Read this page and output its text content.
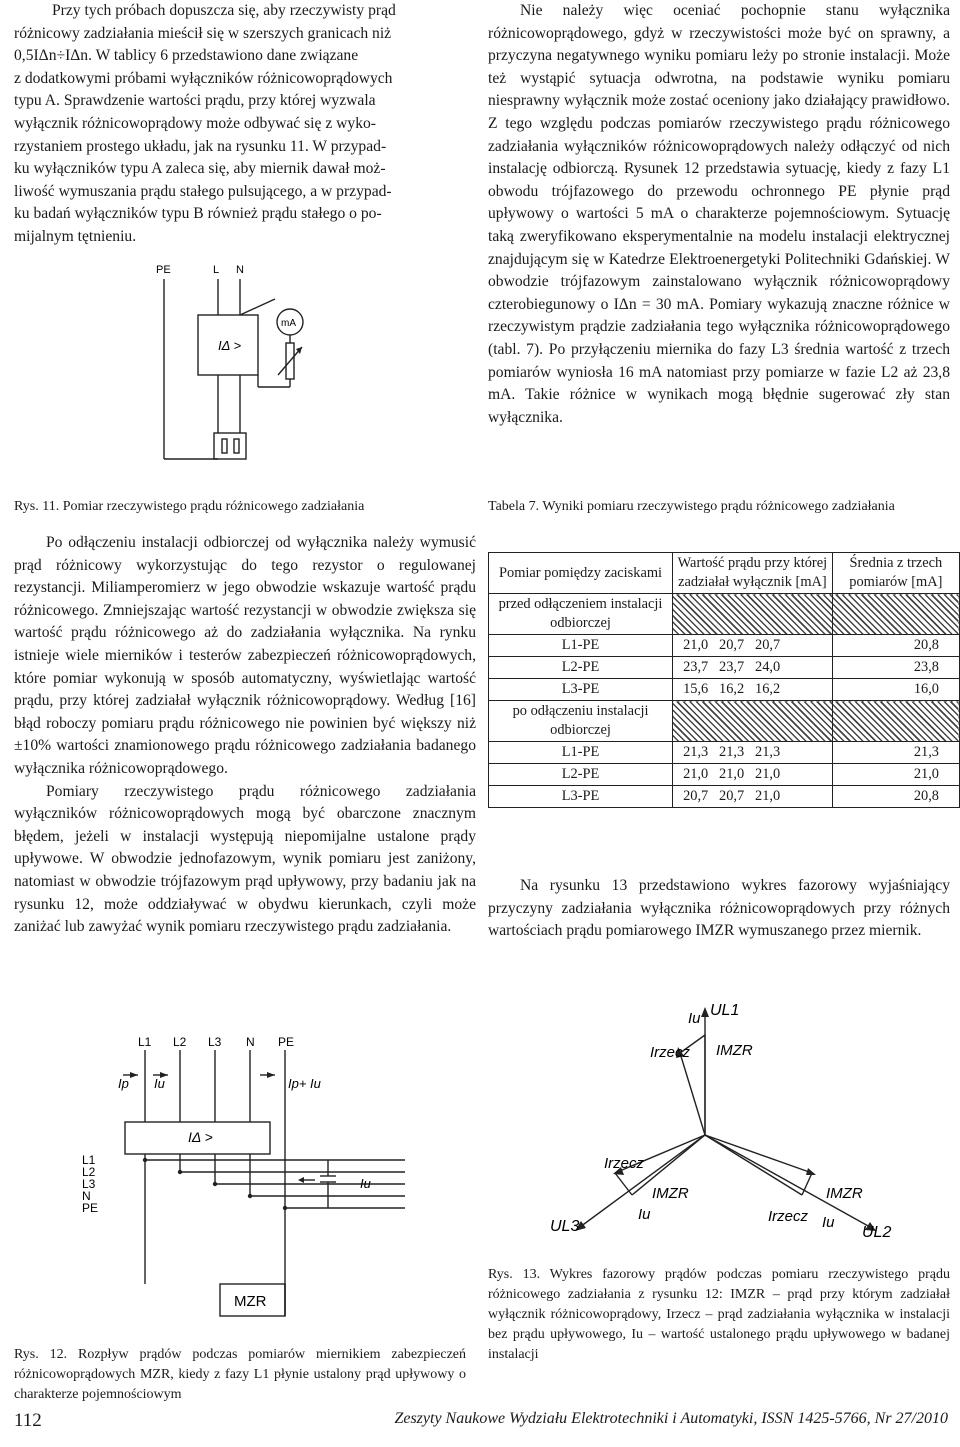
Przy tych próbach dopuszcza się, aby rzeczywisty prąd
różnicowy zadziałania mieścił się w szerszych granicach niż
0,5IΔn÷IΔn. W tablicy 6 przedstawiono dane związane
z dodatkowymi próbami wyłączników różnicowoprądowych
typu A. Sprawdzenie wartości prądu, przy której wyzwala
wyłącznik różnicowoprądowy może odbywać się z wyko-
rzystaniem prostego układu, jak na rysunku 11. W przypad-
ku wyłączników typu A zaleca się, aby miernik dawał moż-
liwość wymuszania prądu stałego pulsującego, a w przypad-
ku badań wyłączników typu B również prądu stałego o po-
mijalnym tętnieniu.
PE	L N
mA
IΔ >
Rys. 11. Pomiar rzeczywistego prądu różnicowego zadziałania

Po odłączeniu instalacji odbiorczej od wyłącznika należy wymusić prąd różnicowy wykorzystując do tego rezystor o regulowanej rezystancji. Miliamperomierz w jego obwodzie wskazuje wartość prądu różnicowego. Zmniejszając wartość rezystancji w obwodzie zwiększa się wartość prądu różnicowego aż do zadziałania wyłącznika. Na rynku istnieje wiele mierników i testerów zabezpieczeń różnicowoprądowych, które pomiar wykonują w sposób automatyczny, wyświetlając wartość prądu, przy której zadziałał wyłącznik różnicowoprądowy. Według [16] błąd roboczy pomiaru prądu różnicowego nie powinien być większy niż ±10% wartości znamionowego prądu różnicowego zadziałania badanego wyłącznika różnicowoprądowego.

Pomiary rzeczywistego prądu różnicowego zadziałania wyłączników różnicowoprądowych mogą być obarczone znacznym błędem, jeżeli w instalacji występują niepomijalne ustalone prądy upływowe. W obwodzie jednofazowym, wynik pomiaru jest zaniżony, natomiast w obwodzie trójfazowym prąd upływowy, przy badaniu jak na rysunku 12, może oddziaływać w obydwu kierunkach, czyli może zaniżać lub zawyżać wynik pomiaru rzeczywistego prądu zadziałania.

L1 L2 L3 N PE
Ip Iu	Ip+ Iu
IΔ >
L1
L2
L3
N
PE
Iu
MZR
Rys. 12. Rozpływ prądów podczas pomiarów miernikiem zabezpieczeń różnicowoprądowych MZR, kiedy z fazy L1 płynie ustalony prąd upływowy o charakterze pojemnościowym

Nie należy więc oceniać pochopnie stanu wyłącznika różnicowoprądowego, gdyż w rzeczywistości może być on sprawny, a przyczyna negatywnego wyniku pomiaru leży po stronie instalacji. Może też wystąpić sytuacja odwrotna, na podstawie wyniku pomiaru niesprawny wyłącznik może zostać oceniony jako działający prawidłowo. Z tego względu podczas pomiarów rzeczywistego prądu różnicowego zadziałania wyłączników różnicowoprądowych należy odłączyć od nich instalację odbiorczą. Rysunek 12 przedstawia sytuację, kiedy z fazy L1 obwodu trójfazowego do przewodu ochronnego PE płynie prąd upływowy o wartości 5 mA o charakterze pojemnościowym. Sytuację taką zweryfikowano eksperymentalnie na modelu instalacji elektrycznej znajdującym się w Katedrze Elektroenergetyki Politechniki Gdańskiej. W obwodzie trójfazowym zainstalowano wyłącznik różnicowoprądowy czterobiegunowy o IΔn = 30 mA. Pomiary wykazują znaczne różnice w rzeczywistym prądzie zadziałania tego wyłącznika różnicowoprądowego (tabl. 7). Po przyłączeniu miernika do fazy L3 średnia wartość z trzech pomiarów wyniosła 16 mA natomiast przy pomiarze w fazie L2 aż 23,8 mA. Takie różnice w wynikach mogą błędnie sugerować zły stan wyłącznika.

Tabela 7. Wyniki pomiaru rzeczywistego prądu różnicowego zadziałania
Pomiar pomiędzy zaciskami	Wartość prądu przy której zadziałał wyłącznik [mA]	Średnia z trzech pomiarów [mA]
przed odłączeniem instalacji odbiorczej		
L1-PE	21,0   20,7   20,7	20,8
L2-PE	23,7   23,7   24,0	23,8
L3-PE	15,6   16,2   16,2	16,0
po odłączeniu instalacji odbiorczej		
L1-PE	21,3   21,3   21,3	21,3
L2-PE	21,0   21,0   21,0	21,0
L3-PE	20,7   20,7   21,0	20,8

Na rysunku 13 przedstawiono wykres fazorowy wyjaśniający przyczyny zadziałania wyłącznika różnicowoprądowych przy różnych wartościach prądu pomiarowego IMZR wymuszanego przez miernik.

Iu UL1
Irzecz IMZR
Irzecz
IMZR
Iu
IMZR
Irzecz Iu
UL3	UL2
Rys. 13. Wykres fazorowy prądów podczas pomiaru rzeczywistego prądu różnicowego zadziałania z rysunku 12: IMZR – prąd przy którym zadziałał wyłącznik różnicowoprądowy, Irzecz – prąd zadziałania wyłącznika w instalacji bez prądu upływowego, Iu – wartość ustalonego prądu upływowego w badanej instalacji
112	Zeszyty Naukowe Wydziału Elektrotechniki i Automatyki, ISSN 1425-5766, Nr 27/2010
